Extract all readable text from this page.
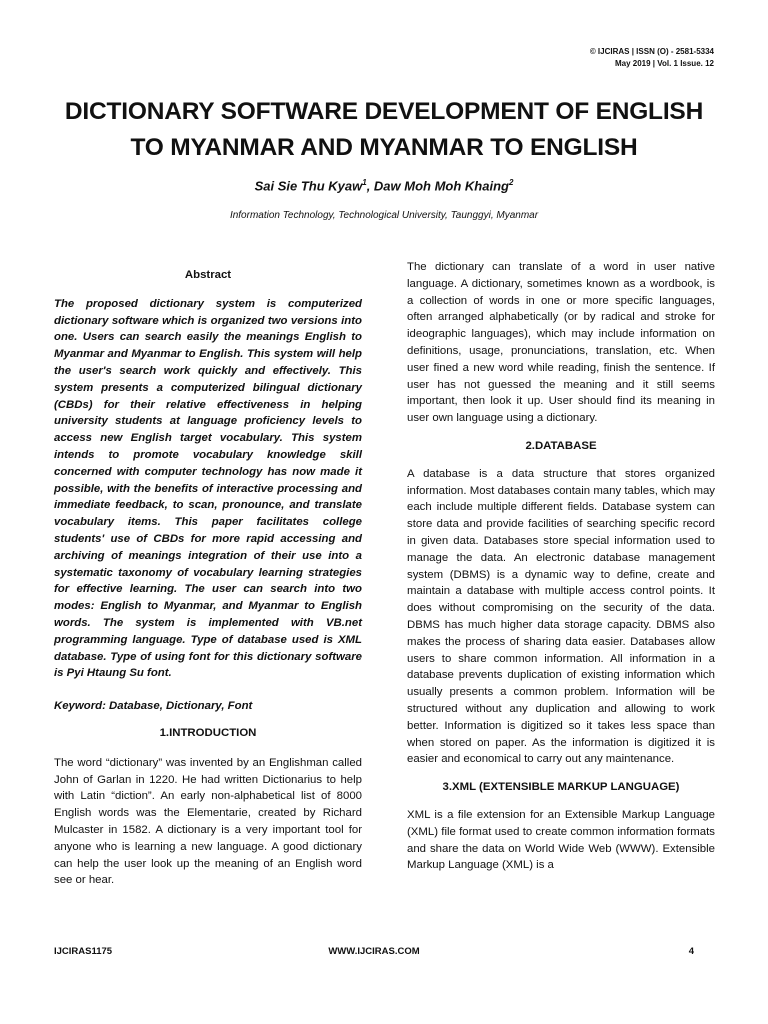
© IJCIRAS | ISSN (O) - 2581-5334
May 2019 | Vol. 1 Issue. 12
DICTIONARY SOFTWARE DEVELOPMENT OF ENGLISH
TO MYANMAR AND MYANMAR TO ENGLISH
Sai Sie Thu Kyaw$^1$, Daw Moh Moh Khaing$^2$
Information Technology, Technological University, Taunggyi, Myanmar

Abstract

The proposed dictionary system is computerized dictionary software which is organized two versions into one. Users can search easily the meanings English to Myanmar and Myanmar to English. This system will help the user's search work quickly and effectively. This system presents a computerized bilingual dictionary (CBDs) for their relative effectiveness in helping university students at language proficiency levels to access new English target vocabulary. This system intends to promote vocabulary knowledge skill concerned with computer technology has now made it possible, with the benefits of interactive processing and immediate feedback, to scan, pronounce, and translate vocabulary items. This paper facilitates college students' use of CBDs for more rapid accessing and archiving of meanings integration of their use into a systematic taxonomy of vocabulary learning strategies for effective learning. The user can search into two modes: English to Myanmar, and Myanmar to English words. The system is implemented with VB.net programming language. Type of database used is XML database. Type of using font for this dictionary software is Pyi Htaung Su font.

Keyword: Database, Dictionary, Font

1.INTRODUCTION

The word “dictionary” was invented by an Englishman called John of Garlan in 1220. He had written Dictionarius to help with Latin “diction”. An early non-alphabetical list of 8000 English words was the Elementarie, created by Richard Mulcaster in 1582. A dictionary is a very important tool for anyone who is learning a new language. A good dictionary can help the user look up the meaning of an English word see or hear.

The dictionary can translate of a word in user native language. A dictionary, sometimes known as a wordbook, is a collection of words in one or more specific languages, often arranged alphabetically (or by radical and stroke for ideographic languages), which may include information on definitions, usage, pronunciations, translation, etc. When user fined a new word while reading, finish the sentence. If user has not guessed the meaning and it still seems important, then look it up. User should find its meaning in user own language using a dictionary.

2.DATABASE

A database is a data structure that stores organized information. Most databases contain many tables, which may each include multiple different fields. Database system can store data and provide facilities of searching specific record in given data. Databases store special information used to manage the data. An electronic database management system (DBMS) is a dynamic way to define, create and maintain a database with multiple access control points. It does without compromising on the security of the data. DBMS has much higher data storage capacity. DBMS also makes the process of sharing data easier. Databases allow users to share common information. All information in a database prevents duplication of existing information which usually presents a common problem. Information will be structured without any duplication and allowing to work better. Information is digitized so it takes less space than when stored on paper. As the information is digitized it is easier and economical to carry out any maintenance.

3.XML (EXTENSIBLE MARKUP LANGUAGE)

XML is a file extension for an Extensible Markup Language (XML) file format used to create common information formats and share the data on World Wide Web (WWW). Extensible Markup Language (XML) is a

IJCIRAS1175	WWW.IJCIRAS.COM	4
